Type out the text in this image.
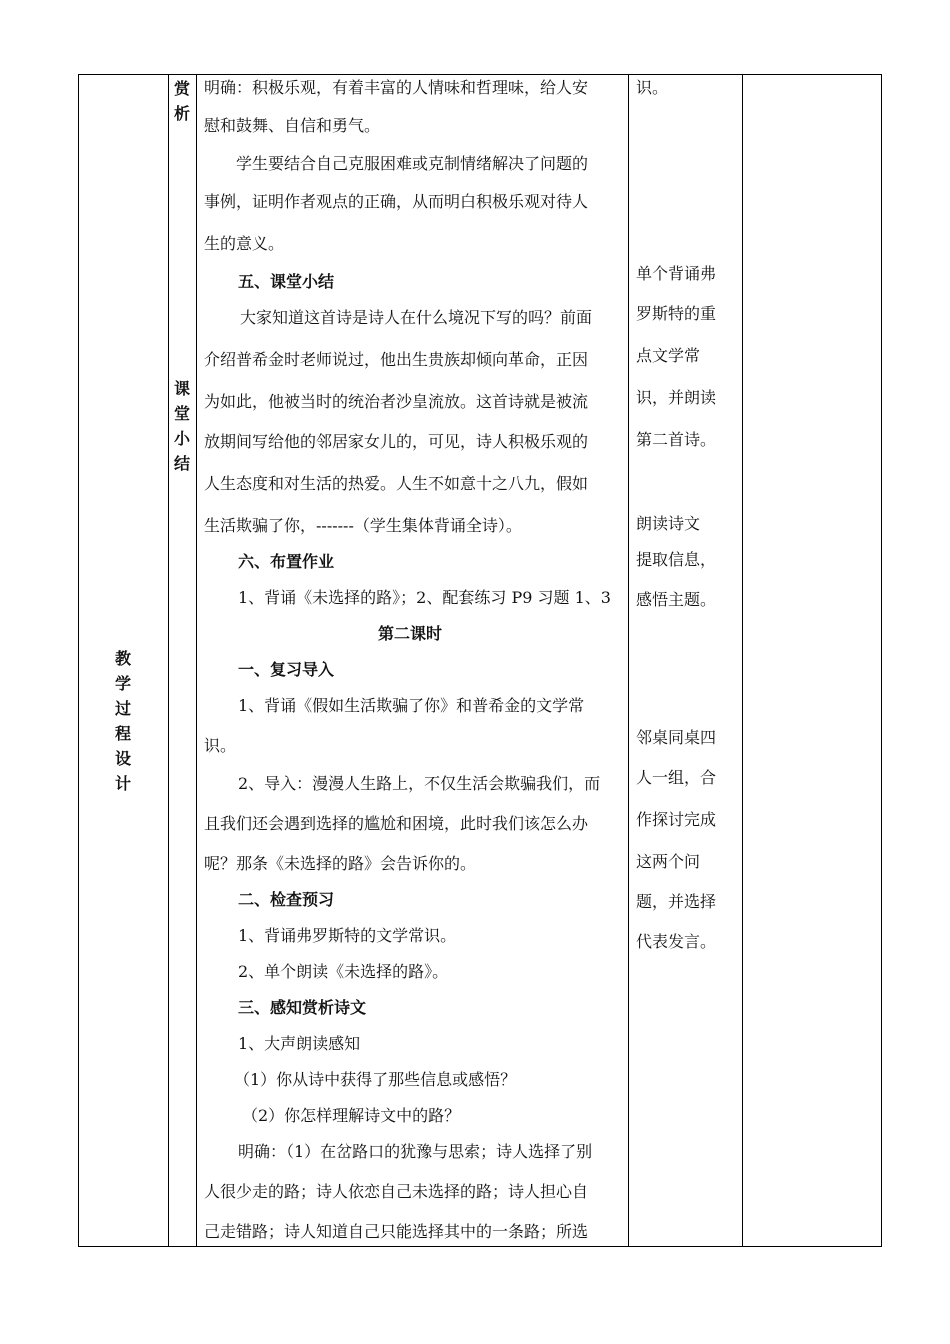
教
学
过
程
设
计
赏
析
课
堂
小
结
明确：积极乐观，有着丰富的人情味和哲理味，给人安
慰和鼓舞、自信和勇气。
学生要结合自己克服困难或克制情绪解决了问题的
事例，证明作者观点的正确，从而明白积极乐观对待人
生的意义。
五、课堂小结
大家知道这首诗是诗人在什么境况下写的吗？前面
介绍普希金时老师说过，他出生贵族却倾向革命，正因
为如此，他被当时的统治者沙皇流放。这首诗就是被流
放期间写给他的邻居家女儿的，可见，诗人积极乐观的
人生态度和对生活的热爱。人生不如意十之八九，假如
生活欺骗了你，-------（学生集体背诵全诗）。
六、布置作业
1、背诵《未选择的路》；2、配套练习 P9 习题 1、3
第二课时
一、复习导入
1、背诵《假如生活欺骗了你》和普希金的文学常
识。
2、导入：漫漫人生路上，不仅生活会欺骗我们，而
且我们还会遇到选择的尴尬和困境，此时我们该怎么办
呢？那条《未选择的路》会告诉你的。
二、检查预习
1、背诵弗罗斯特的文学常识。
2、单个朗读《未选择的路》。
三、感知赏析诗文
1、大声朗读感知
（1）你从诗中获得了那些信息或感悟？
（2）你怎样理解诗文中的路？
明确：（1）在岔路口的犹豫与思索；诗人选择了别
人很少走的路；诗人依恋自己未选择的路；诗人担心自
己走错路；诗人知道自己只能选择其中的一条路；所选
识。
单个背诵弗
罗斯特的重
点文学常
识，并朗读
第二首诗。
朗读诗文
提取信息，
感悟主题。
邻桌同桌四
人一组，合
作探讨完成
这两个问
题，并选择
代表发言。
